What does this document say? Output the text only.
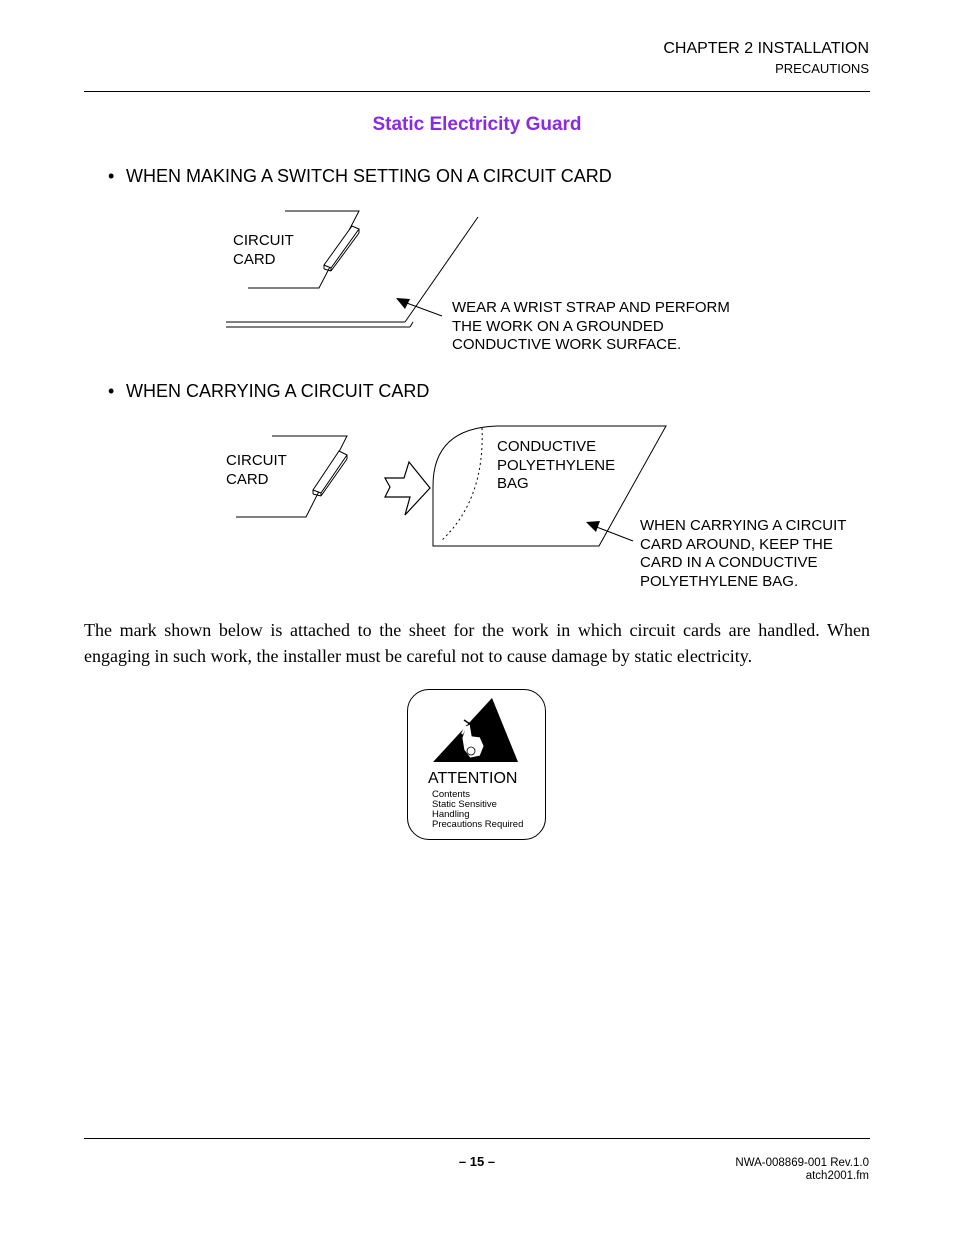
CHAPTER 2 INSTALLATION
PRECAUTIONS
Static Electricity Guard
• WHEN MAKING A SWITCH SETTING ON A CIRCUIT CARD
CIRCUIT
CARD
WEAR A WRIST STRAP AND PERFORM
THE WORK ON A GROUNDED
CONDUCTIVE WORK SURFACE.
• WHEN CARRYING A CIRCUIT CARD
CIRCUIT
CARD
CONDUCTIVE
POLYETHYLENE
BAG
WHEN CARRYING A CIRCUIT
CARD AROUND, KEEP THE
CARD IN A CONDUCTIVE
POLYETHYLENE BAG.
The mark shown below is attached to the sheet for the work in which circuit cards are handled. When engaging in such work, the installer must be careful not to cause damage by static electricity.
ATTENTION
Contents
Static Sensitive
Handling
Precautions Required
– 15 –	NWA-008869-001 Rev.1.0
atch2001.fm
